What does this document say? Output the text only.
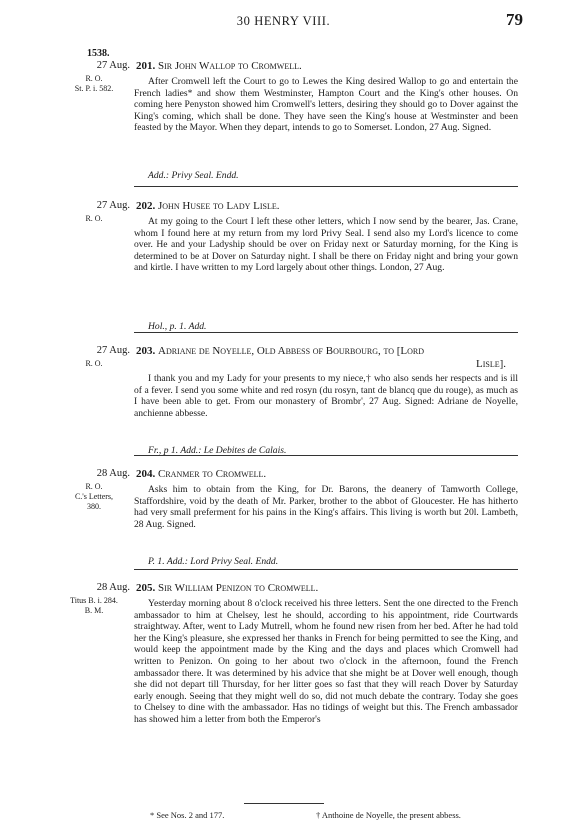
30 HENRY VIII.	79
1538.
27 Aug.
R. O.
St. P. i. 582.
201. Sir John Wallop to Cromwell.

After Cromwell left the Court to go to Lewes the King desired Wallop to go and entertain the French ladies* and show them Westminster, Hampton Court and the King's other houses. On coming here Penyston showed him Cromwell's letters, desiring they should go to Dover against the King's coming, which shall be done. They have seen the King's house at Westminster and been feasted by the Mayor. When they depart, intends to go to Somerset. London, 27 Aug. Signed.

Add.: Privy Seal. Endd.
27 Aug.
R. O.
202. John Husee to Lady Lisle.

At my going to the Court I left these other letters, which I now send by the bearer, Jas. Crane, whom I found here at my return from my lord Privy Seal. I send also my Lord's licence to come over. He and your Ladyship should be over on Friday next or Saturday morning, for the King is determined to be at Dover on Saturday night. I shall be there on Friday night and bring your gown and kirtle. I have written to my Lord largely about other things. London, 27 Aug.

Hol., p. 1. Add.
27 Aug.
R. O.
203. Adriane de Noyelle, Old Abbess of Bourbourg, to [Lord
Lisle].

I thank you and my Lady for your presents to my niece,† who also sends her respects and is ill of a fever. I send you some white and red rosyn (du rosyn, tant de blancq que du rouge), as much as I have been able to get. From our monastery of Brombr', 27 Aug. Signed: Adriane de Noyelle, anchienne abbesse.

Fr., p 1. Add.: Le Debites de Calais.
28 Aug.
R. O.
C.'s Letters,
380.
204. Cranmer to Cromwell.

Asks him to obtain from the King, for Dr. Barons, the deanery of Tamworth College, Staffordshire, void by the death of Mr. Parker, brother to the abbot of Gloucester. He has hitherto had very small preferment for his pains in the King's affairs. This living is worth but 20l. Lambeth, 28 Aug. Signed.

P. 1. Add.: Lord Privy Seal. Endd.
28 Aug.
Titus B. i. 284.
B. M.
205. Sir William Penizon to Cromwell.

Yesterday morning about 8 o'clock received his three letters. Sent the one directed to the French ambassador to him at Chelsey, lest he should, according to his appointment, ride Courtwards straightway. After, went to Lady Mutrell, whom he found new risen from her bed. After he had told her the King's pleasure, she expressed her thanks in French for being permitted to see the King, and would keep the appointment made by the King and the days and places which Cromwell had written to Penizon. On going to her about two o'clock in the afternoon, found the French ambassador there. It was determined by his advice that she might be at Dover well enough, though she did not depart till Thursday, for her litter goes so fast that they will reach Dover by Saturday early enough. Seeing that they might well do so, did not much debate the contrary. Today she goes to Chelsey to dine with the ambassador. Has no tidings of weight but this. The French ambassador has showed him a letter from both the Emperor's

* See Nos. 2 and 177.	† Anthoine de Noyelle, the present abbess.
